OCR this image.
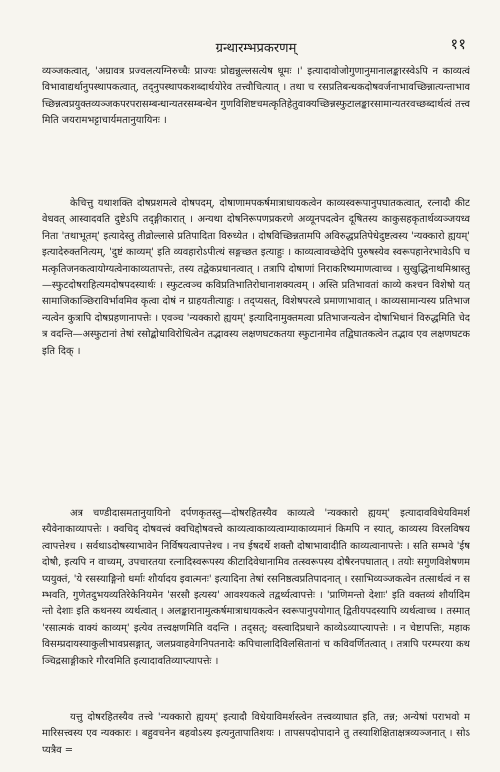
ग्रन्थारम्भप्रकरणम्	११

व्यञ्जकत्वात्, 'अग्रावत्र प्रज्वलत्यग्निरुच्चैः प्राज्यः प्रोद्यन्नुल्लसत्येष धूमः ।' इत्यादावोजोगुणानुमानालङ्कारस्वेऽपि न काव्यत्वं विभावाद्यर्थानुपस्थापकत्वात्, तद्नुपस्थापकशब्दार्थयोरेव तत्त्वौचित्यात् । तथा च रसप्रतिबन्धकदोषवर्जनाभावच्छिन्नात्यन्ताभावच्छिन्नत्वप्रयुक्तव्यञ्जकपरपरासम्बन्धान्यतरसम्बन्धेन गुणविशिष्टचमत्कृतिहेतुवाक्यच्छिन्नस्फुटालङ्कारसामान्यतरवच्छब्दार्थत्वं तत्त्वमिति जयरामभट्टाचार्यमतानुयायिनः ।

केचित्तु यथाशक्ति दोषप्रशमत्वे दोषपदम्, दोषाणामपकर्षमात्राधायकत्वेन काव्यस्वरूपानुपघातकत्वात्, रत्नादौ कीटवेधवत् आस्वादवति दुष्टेऽपि तद्ङ्गीकारात् । अन्यथा दोषनिरूपणप्रकरणे अव्यूनपदत्वेन दूषितस्य काकुसहकृतार्थव्यञ्जयध्वनिता 'तथाभूतम्' इत्यादेस्तु तीव्रोल्लासे प्रतिपादिता विरुध्येत । दोषविच्छिन्नतामपि अविरुद्धप्रतिपेधेदुष्टत्वस्य 'न्यक्कारो ह्ययम्' इत्यादेरुक्तनित्यम्, 'दुष्टं काव्यम्' इति व्यवहारोऽपीत्थं सङ्गच्छत इत्याहुः । काव्यत्वावच्छेदेपि पुरुषस्येव स्वरूपहानेरभावेऽपि चमत्कृतिजनकत्वायोग्यत्वेनाकाव्यतापत्तेः, तस्य तद्वेकप्रधानत्वात् । तत्रापि दोषाणां निराकरिष्यमाणत्वाच्च । सुखुद्धिनाथमिश्रास्तु—स्फुटदोषराहित्यमदोषपदस्यार्थः । स्फुटत्वञ्च कविप्रतिभातिरोधानाशक्यत्वम् । अस्ति प्रतिभावतां काव्ये कश्चन विशेषो यत् सामाजिकाञ्छिराविर्भावमिव कृत्वा दोषं न ग्राहयतीत्याहुः । तद्प्यसत्, विशेषपरत्वे प्रमाणाभावात् । काव्यसामान्यस्य प्रतिभाजन्यत्वेन कुत्रापि दोषप्रहणानापत्तेः । एवञ्च 'न्यक्कारो ह्ययम्' इत्यादिनामुक्तमत्वा प्रतिभाजन्यत्वेन दोषाभिधानं विरुद्धमिति चेदत्र वदन्ति—अस्फुटानां तेषां रसोद्बोधाविरोधित्वेन तद्भावस्य लक्षणघटकतया स्फुटानामेव तद्विघातकत्वेन तद्भाव एव लक्षणघटक इति दिक् ।

अत्र चण्डीदासमतानुयायिनो दर्पणकृतस्तु—दोषरहितस्यैव काव्यत्वे 'न्यक्कारो ह्ययम्' इत्यादावविधेयविमर्शस्यैवेनाकाव्यापत्तेः । क्वचिद् दोषवत्त्वं क्वचिद्दोषवत्त्वे काव्यत्वाकाव्यत्वाम्याकाव्यमानं किमपि न स्यात्, काव्यस्य विरलविषयत्वापत्तेश्च । सर्वथाऽदोषस्याभावेन निर्विषयत्वापत्तेश्च । नच ईषदर्थे शक्तौ दोषाभावादीति काव्यत्वानापत्तेः । सति सम्भवे 'ईषदोषौ, इत्यपि न वाच्यम्, उपचारतया रत्नादिस्वरूपस्य कीटादिवेधानामिव तत्स्वरूपस्य दोषैरनपघातात् । तयोः सगुणविशेषणमप्ययुक्तं, 'ये रसस्याङ्गिनो धर्माः शौर्यादय इवात्मनः' इत्यादिना तेषां रसनिष्ठत्वप्रतिपादनात् । रसाभिव्यञ्जकत्वेन तत्सार्थत्वं न सम्भवति, गुणेतदुभयव्यतिरेकेनियमेन 'सरसौ इत्यस्य' आवश्यकत्वे तद्वर्थ्यत्वापत्तेः । 'प्राणिमन्तो देशाः' इति वक्तव्यं शौर्यादिमन्तो देशाः इति कथनस्य व्यर्थत्वात् । अलङ्कारानामुत्कर्षमात्राधायकत्वेन स्वरूपानुपयोगात् द्वितीयपदस्यापि व्यर्थत्वाच्च । तस्मात् 'रसात्मकं वाक्यं काव्यम्' इत्येव तत्त्वक्षणमिति वदन्ति । तद्सत्; वस्त्वादिप्रधाने काव्येऽव्याप्त्यापत्तेः । न चेष्टापत्तिः, महाकविसम्प्रदायस्याकुलीभावप्रसङ्गात्, जलप्रवाहवेगनिपतनादेः कपिचालादिविलसितानां च कविवर्णितत्वात् । तत्रापि परम्परया कथञ्चिद्रसाङ्गीकारे गौरवमिति इत्यादावतिव्याप्त्यापत्तेः ।

यत्तु दोषरहितस्यैव तत्त्वे 'न्यक्कारो ह्ययम्' इत्यादौ विधेयाविमर्शस्त्वेन तत्त्वव्याघात इति, तन्न; अन्येषां पराभवो ममारिसत्त्वस्य एव न्यक्कारः । बहुवचनेन बहवोऽस्य इत्यनुतापातिशयः । तापसपदोपादाने तु तस्याशिक्षिताक्षत्रव्यञ्जनात् । सोऽप्यत्रैव =
